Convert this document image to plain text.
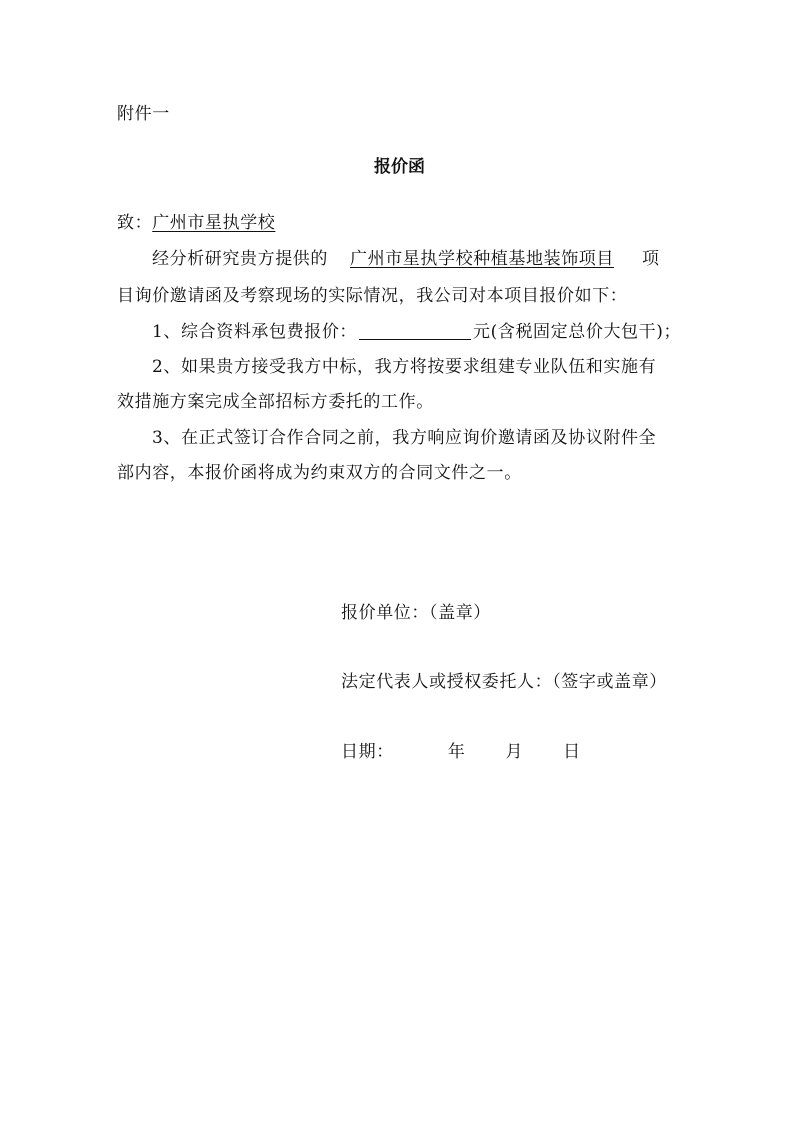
附件一
报价函
致：广州市星执学校
经分析研究贵方提供的 广州市星执学校种植基地装饰项目 项
目询价邀请函及考察现场的实际情况，我公司对本项目报价如下：
1、综合资料承包费报价：	元(含税固定总价大包干)；
2、如果贵方接受我方中标，我方将按要求组建专业队伍和实施有
效措施方案完成全部招标方委托的工作。
3、在正式签订合作合同之前，我方响应询价邀请函及协议附件全
部内容，本报价函将成为约束双方的合同文件之一。
报价单位：（盖章）
法定代表人或授权委托人：（签字或盖章）
日期：	年 月 日
